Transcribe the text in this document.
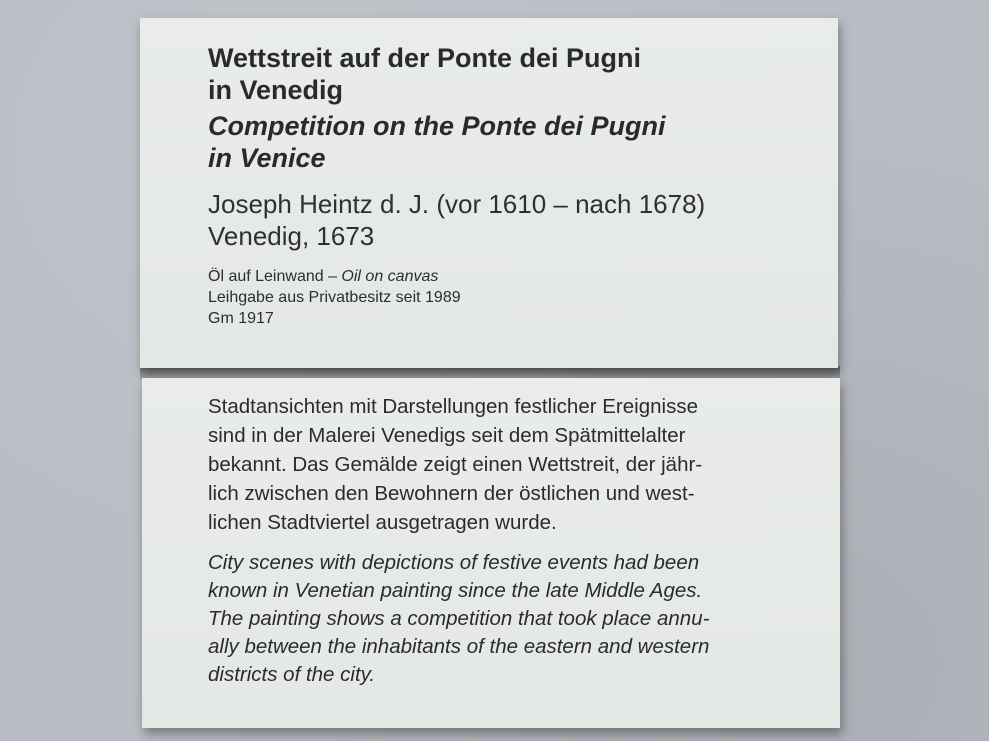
Wettstreit auf der Ponte dei Pugni
in Venedig
Competition on the Ponte dei Pugni
in Venice
Joseph Heintz d. J. (vor 1610 – nach 1678)
Venedig, 1673
Öl auf Leinwand – Oil on canvas
Leihgabe aus Privatbesitz seit 1989
Gm 1917

Stadtansichten mit Darstellungen festlicher Ereignisse
sind in der Malerei Venedigs seit dem Spätmittelalter
bekannt. Das Gemälde zeigt einen Wettstreit, der jähr-
lich zwischen den Bewohnern der östlichen und west-
lichen Stadtviertel ausgetragen wurde.

City scenes with depictions of festive events had been
known in Venetian painting since the late Middle Ages.
The painting shows a competition that took place annu-
ally between the inhabitants of the eastern and western
districts of the city.
